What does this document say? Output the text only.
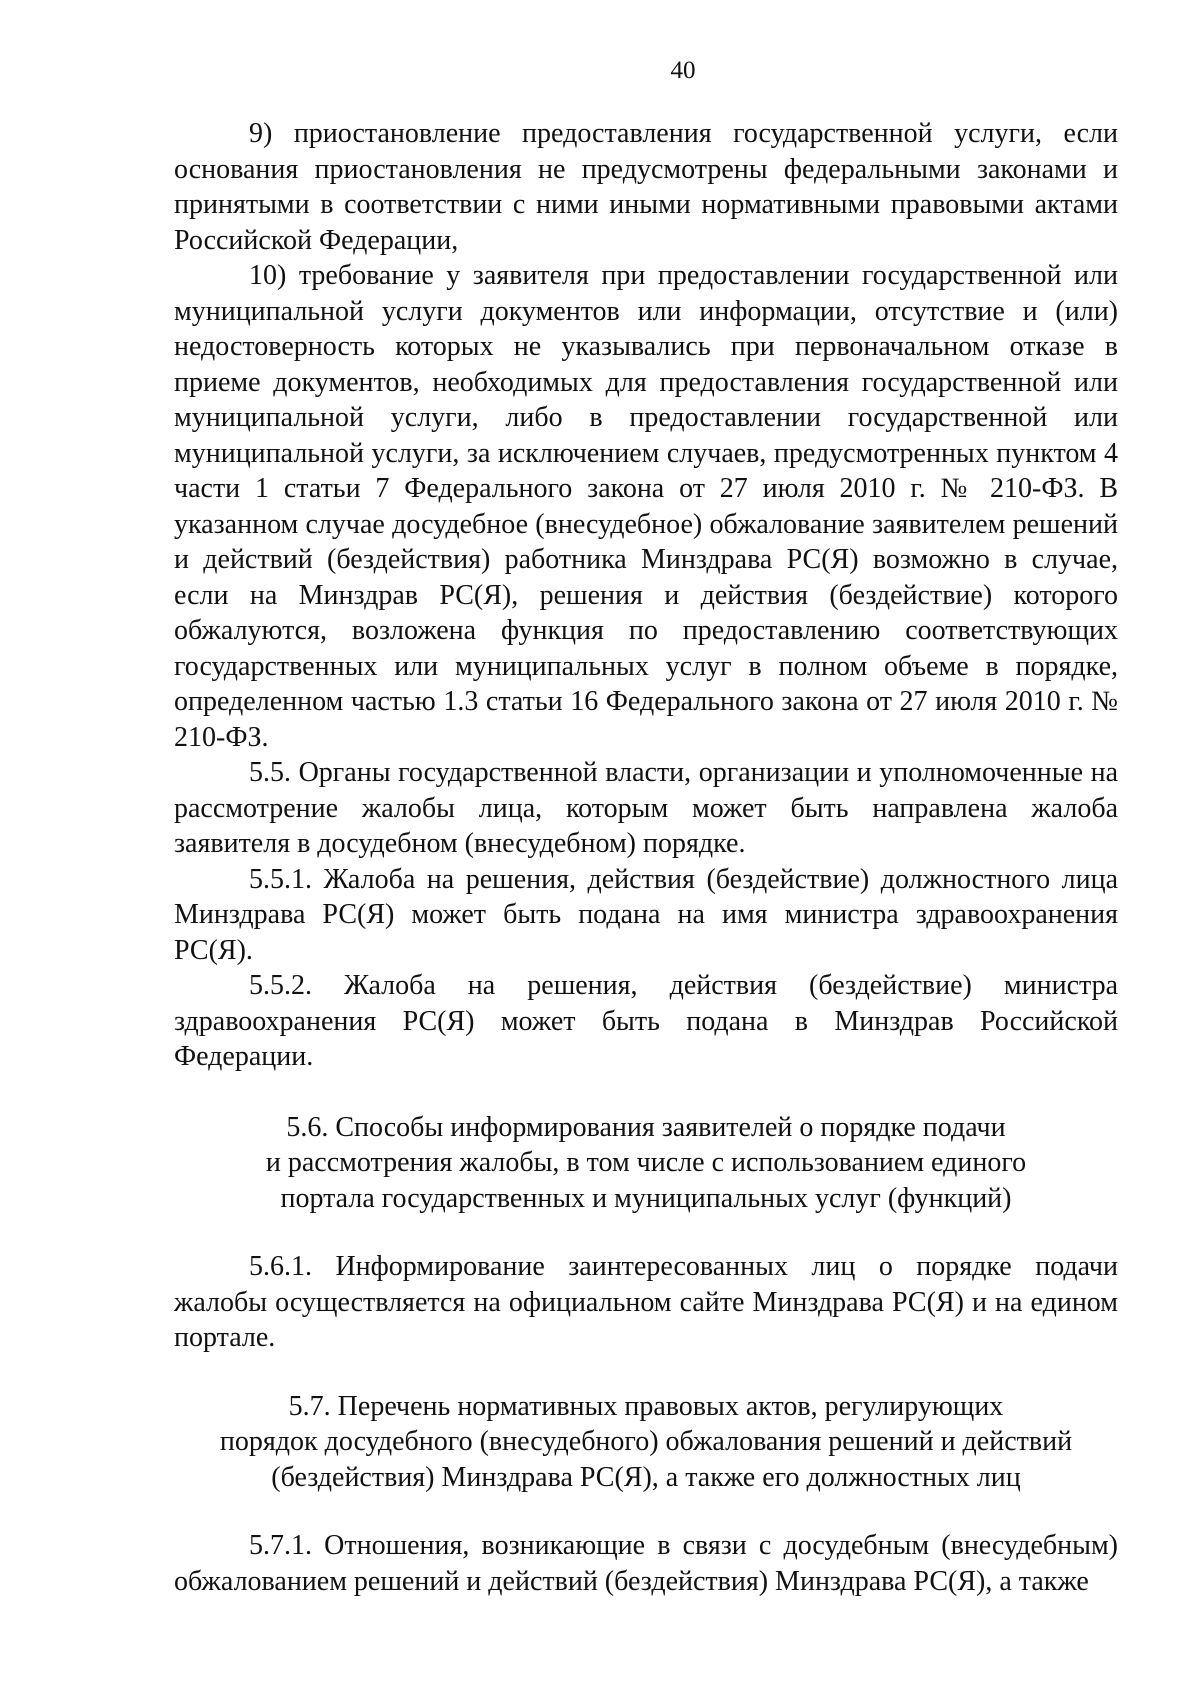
40

9) приостановление предоставления государственной услуги, если основания приостановления не предусмотрены федеральными законами и принятыми в соответствии с ними иными нормативными правовыми актами Российской Федерации,

10) требование у заявителя при предоставлении государственной или муниципальной услуги документов или информации, отсутствие и (или) недостоверность которых не указывались при первоначальном отказе в приеме документов, необходимых для предоставления государственной или муниципальной услуги, либо в предоставлении государственной или муниципальной услуги, за исключением случаев, предусмотренных пунктом 4 части 1 статьи 7 Федерального закона от 27 июля 2010 г. № 210-ФЗ. В указанном случае досудебное (внесудебное) обжалование заявителем решений и действий (бездействия) работника Минздрава РС(Я) возможно в случае, если на Минздрав РС(Я), решения и действия (бездействие) которого обжалуются, возложена функция по предоставлению соответствующих государственных или муниципальных услуг в полном объеме в порядке, определенном частью 1.3 статьи 16 Федерального закона от 27 июля 2010 г. № 210-ФЗ.

5.5. Органы государственной власти, организации и уполномоченные на рассмотрение жалобы лица, которым может быть направлена жалоба заявителя в досудебном (внесудебном) порядке.

5.5.1. Жалоба на решения, действия (бездействие) должностного лица Минздрава РС(Я) может быть подана на имя министра здравоохранения РС(Я).

5.5.2. Жалоба на решения, действия (бездействие) министра здравоохранения РС(Я) может быть подана в Минздрав Российской Федерации.

5.6. Способы информирования заявителей о порядке подачи
и рассмотрения жалобы, в том числе с использованием единого
портала государственных и муниципальных услуг (функций)

5.6.1. Информирование заинтересованных лиц о порядке подачи жалобы осуществляется на официальном сайте Минздрава РС(Я) и на едином портале.

5.7. Перечень нормативных правовых актов, регулирующих
порядок досудебного (внесудебного) обжалования решений и действий
(бездействия) Минздрава РС(Я), а также его должностных лиц

5.7.1. Отношения, возникающие в связи с досудебным (внесудебным) обжалованием решений и действий (бездействия) Минздрава РС(Я), а также
